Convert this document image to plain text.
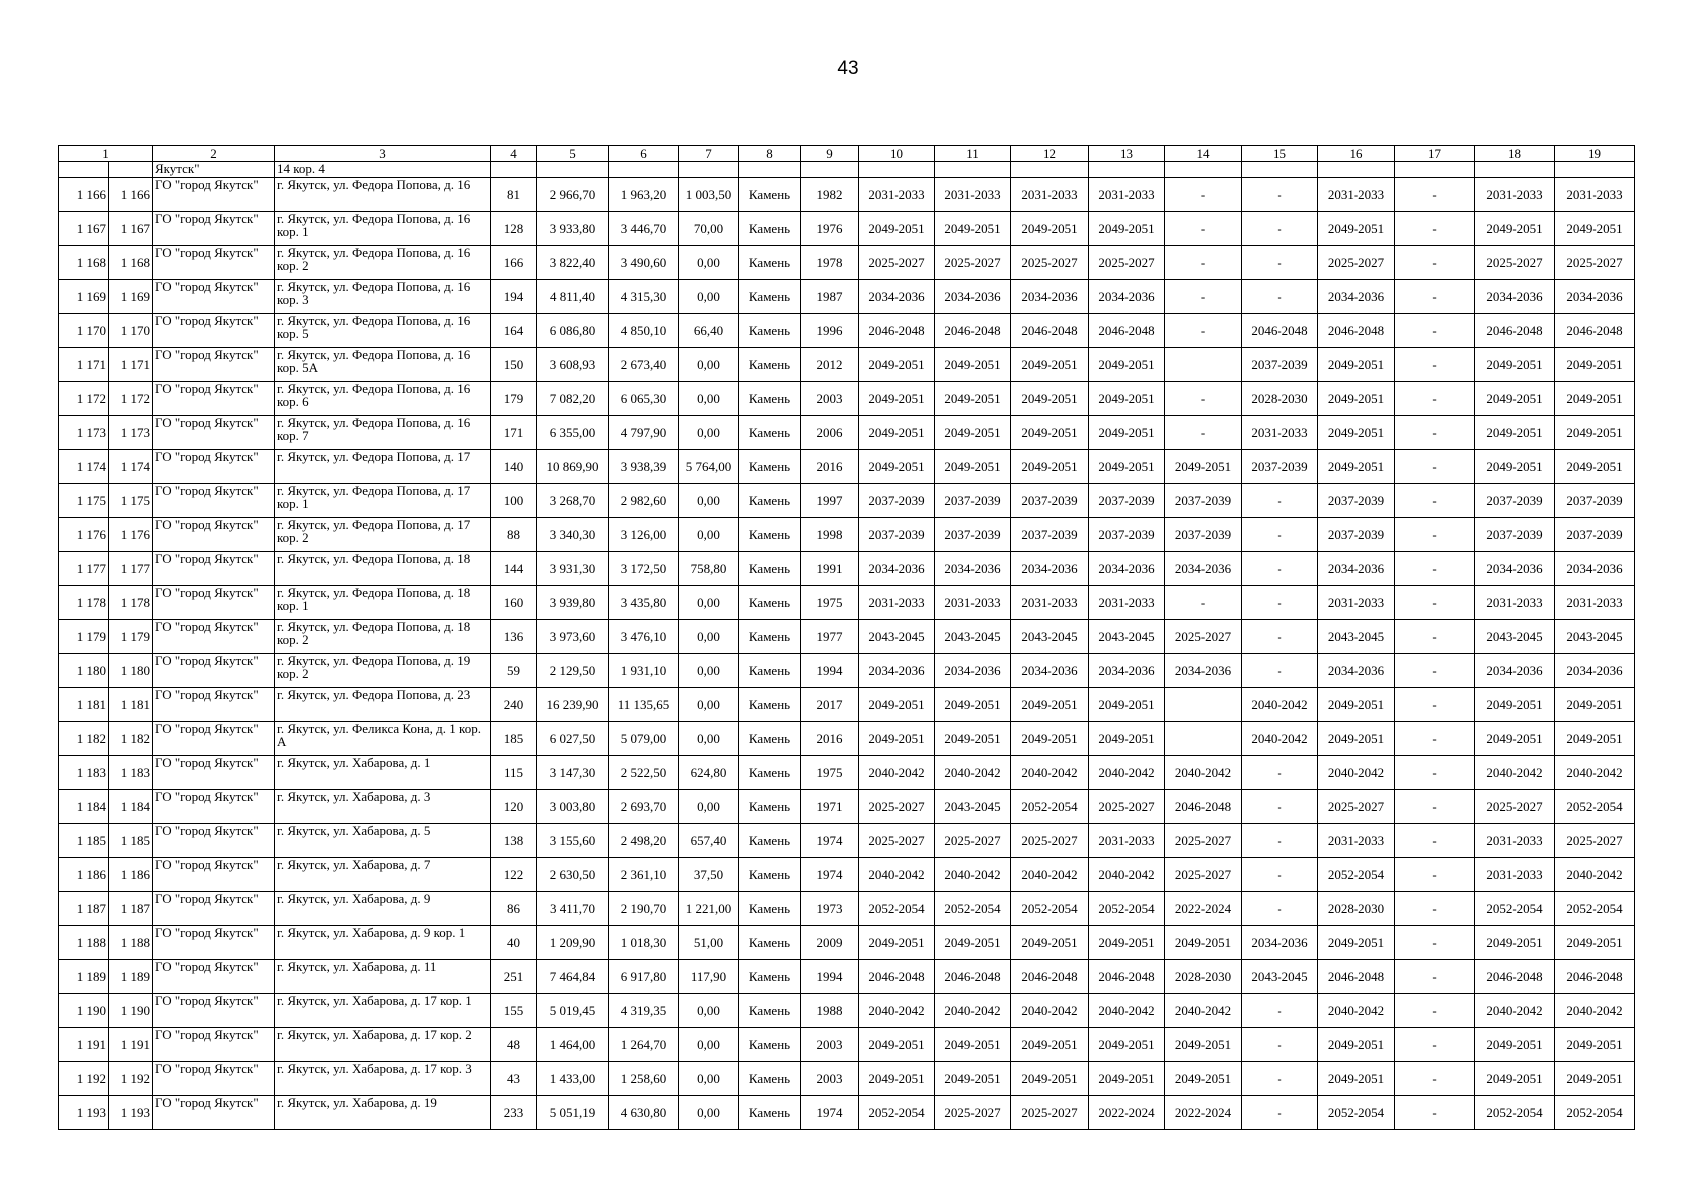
43
1		2	3	4	5	6	7	8	9	10	11	12	13	14	15	16	17	18	19
		Якутск"	14 кор. 4																
1 166	1 166	ГО "город Якутск"	г. Якутск, ул. Федора Попова, д. 16	81	2 966,70	1 963,20	1 003,50	Камень	1982	2031-2033	2031-2033	2031-2033	2031-2033	-	-	2031-2033	-	2031-2033	2031-2033
1 167	1 167	ГО "город Якутск"	г. Якутск, ул. Федора Попова, д. 16 кор. 1	128	3 933,80	3 446,70	70,00	Камень	1976	2049-2051	2049-2051	2049-2051	2049-2051	-	-	2049-2051	-	2049-2051	2049-2051
1 168	1 168	ГО "город Якутск"	г. Якутск, ул. Федора Попова, д. 16 кор. 2	166	3 822,40	3 490,60	0,00	Камень	1978	2025-2027	2025-2027	2025-2027	2025-2027	-	-	2025-2027	-	2025-2027	2025-2027
1 169	1 169	ГО "город Якутск"	г. Якутск, ул. Федора Попова, д. 16 кор. 3	194	4 811,40	4 315,30	0,00	Камень	1987	2034-2036	2034-2036	2034-2036	2034-2036	-	-	2034-2036	-	2034-2036	2034-2036
1 170	1 170	ГО "город Якутск"	г. Якутск, ул. Федора Попова, д. 16 кор. 5	164	6 086,80	4 850,10	66,40	Камень	1996	2046-2048	2046-2048	2046-2048	2046-2048	-	2046-2048	2046-2048	-	2046-2048	2046-2048
1 171	1 171	ГО "город Якутск"	г. Якутск, ул. Федора Попова, д. 16 кор. 5А	150	3 608,93	2 673,40	0,00	Камень	2012	2049-2051	2049-2051	2049-2051	2049-2051		2037-2039	2049-2051	-	2049-2051	2049-2051
1 172	1 172	ГО "город Якутск"	г. Якутск, ул. Федора Попова, д. 16 кор. 6	179	7 082,20	6 065,30	0,00	Камень	2003	2049-2051	2049-2051	2049-2051	2049-2051	-	2028-2030	2049-2051	-	2049-2051	2049-2051
1 173	1 173	ГО "город Якутск"	г. Якутск, ул. Федора Попова, д. 16 кор. 7	171	6 355,00	4 797,90	0,00	Камень	2006	2049-2051	2049-2051	2049-2051	2049-2051	-	2031-2033	2049-2051	-	2049-2051	2049-2051
1 174	1 174	ГО "город Якутск"	г. Якутск, ул. Федора Попова, д. 17	140	10 869,90	3 938,39	5 764,00	Камень	2016	2049-2051	2049-2051	2049-2051	2049-2051	2049-2051	2037-2039	2049-2051	-	2049-2051	2049-2051
1 175	1 175	ГО "город Якутск"	г. Якутск, ул. Федора Попова, д. 17 кор. 1	100	3 268,70	2 982,60	0,00	Камень	1997	2037-2039	2037-2039	2037-2039	2037-2039	2037-2039	-	2037-2039	-	2037-2039	2037-2039
1 176	1 176	ГО "город Якутск"	г. Якутск, ул. Федора Попова, д. 17 кор. 2	88	3 340,30	3 126,00	0,00	Камень	1998	2037-2039	2037-2039	2037-2039	2037-2039	2037-2039	-	2037-2039	-	2037-2039	2037-2039
1 177	1 177	ГО "город Якутск"	г. Якутск, ул. Федора Попова, д. 18	144	3 931,30	3 172,50	758,80	Камень	1991	2034-2036	2034-2036	2034-2036	2034-2036	2034-2036	-	2034-2036	-	2034-2036	2034-2036
1 178	1 178	ГО "город Якутск"	г. Якутск, ул. Федора Попова, д. 18 кор. 1	160	3 939,80	3 435,80	0,00	Камень	1975	2031-2033	2031-2033	2031-2033	2031-2033	-	-	2031-2033	-	2031-2033	2031-2033
1 179	1 179	ГО "город Якутск"	г. Якутск, ул. Федора Попова, д. 18 кор. 2	136	3 973,60	3 476,10	0,00	Камень	1977	2043-2045	2043-2045	2043-2045	2043-2045	2025-2027	-	2043-2045	-	2043-2045	2043-2045
1 180	1 180	ГО "город Якутск"	г. Якутск, ул. Федора Попова, д. 19 кор. 2	59	2 129,50	1 931,10	0,00	Камень	1994	2034-2036	2034-2036	2034-2036	2034-2036	2034-2036	-	2034-2036	-	2034-2036	2034-2036
1 181	1 181	ГО "город Якутск"	г. Якутск, ул. Федора Попова, д. 23	240	16 239,90	11 135,65	0,00	Камень	2017	2049-2051	2049-2051	2049-2051	2049-2051		2040-2042	2049-2051	-	2049-2051	2049-2051
1 182	1 182	ГО "город Якутск"	г. Якутск, ул. Феликса Кона, д. 1 кор. А	185	6 027,50	5 079,00	0,00	Камень	2016	2049-2051	2049-2051	2049-2051	2049-2051		2040-2042	2049-2051	-	2049-2051	2049-2051
1 183	1 183	ГО "город Якутск"	г. Якутск, ул. Хабарова, д. 1	115	3 147,30	2 522,50	624,80	Камень	1975	2040-2042	2040-2042	2040-2042	2040-2042	2040-2042	-	2040-2042	-	2040-2042	2040-2042
1 184	1 184	ГО "город Якутск"	г. Якутск, ул. Хабарова, д. 3	120	3 003,80	2 693,70	0,00	Камень	1971	2025-2027	2043-2045	2052-2054	2025-2027	2046-2048	-	2025-2027	-	2025-2027	2052-2054
1 185	1 185	ГО "город Якутск"	г. Якутск, ул. Хабарова, д. 5	138	3 155,60	2 498,20	657,40	Камень	1974	2025-2027	2025-2027	2025-2027	2031-2033	2025-2027	-	2031-2033	-	2031-2033	2025-2027
1 186	1 186	ГО "город Якутск"	г. Якутск, ул. Хабарова, д. 7	122	2 630,50	2 361,10	37,50	Камень	1974	2040-2042	2040-2042	2040-2042	2040-2042	2025-2027	-	2052-2054	-	2031-2033	2040-2042
1 187	1 187	ГО "город Якутск"	г. Якутск, ул. Хабарова, д. 9	86	3 411,70	2 190,70	1 221,00	Камень	1973	2052-2054	2052-2054	2052-2054	2052-2054	2022-2024	-	2028-2030	-	2052-2054	2052-2054
1 188	1 188	ГО "город Якутск"	г. Якутск, ул. Хабарова, д. 9 кор. 1	40	1 209,90	1 018,30	51,00	Камень	2009	2049-2051	2049-2051	2049-2051	2049-2051	2049-2051	2034-2036	2049-2051	-	2049-2051	2049-2051
1 189	1 189	ГО "город Якутск"	г. Якутск, ул. Хабарова, д. 11	251	7 464,84	6 917,80	117,90	Камень	1994	2046-2048	2046-2048	2046-2048	2046-2048	2028-2030	2043-2045	2046-2048	-	2046-2048	2046-2048
1 190	1 190	ГО "город Якутск"	г. Якутск, ул. Хабарова, д. 17 кор. 1	155	5 019,45	4 319,35	0,00	Камень	1988	2040-2042	2040-2042	2040-2042	2040-2042	2040-2042	-	2040-2042	-	2040-2042	2040-2042
1 191	1 191	ГО "город Якутск"	г. Якутск, ул. Хабарова, д. 17 кор. 2	48	1 464,00	1 264,70	0,00	Камень	2003	2049-2051	2049-2051	2049-2051	2049-2051	2049-2051	-	2049-2051	-	2049-2051	2049-2051
1 192	1 192	ГО "город Якутск"	г. Якутск, ул. Хабарова, д. 17 кор. 3	43	1 433,00	1 258,60	0,00	Камень	2003	2049-2051	2049-2051	2049-2051	2049-2051	2049-2051	-	2049-2051	-	2049-2051	2049-2051
1 193	1 193	ГО "город Якутск"	г. Якутск, ул. Хабарова, д. 19	233	5 051,19	4 630,80	0,00	Камень	1974	2052-2054	2025-2027	2025-2027	2022-2024	2022-2024	-	2052-2054	-	2052-2054	2052-2054
